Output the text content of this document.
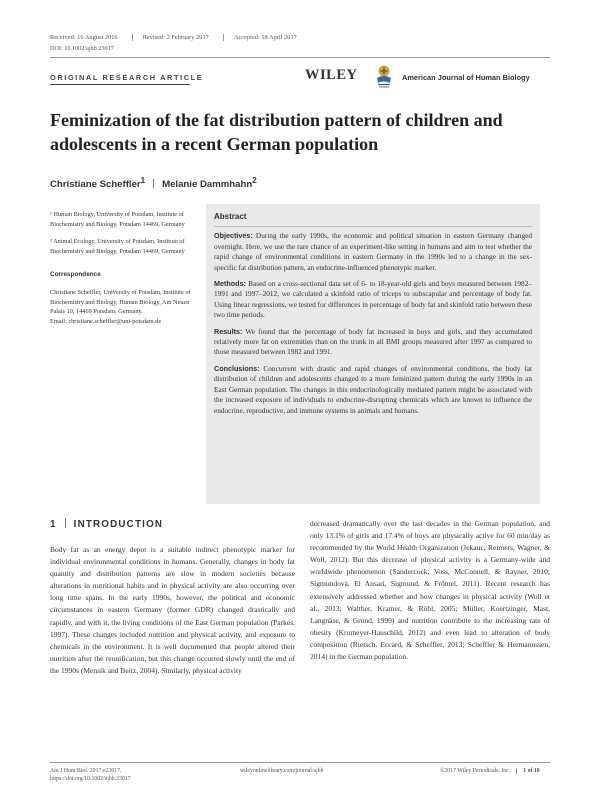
Received: 16 August 2016	Revised: 2 February 2017	Accepted: 18 April 2017
DOI: 10.1002/ajhb.23017
ORIGINAL RESEARCH ARTICLE	WILEY	American Journal of Human Biology
Feminization of the fat distribution pattern of children and adolescents in a recent German population
Christiane Scheffler$^1$ Melanie Dammhahn$^2$

¹ Human Biology, University of Potsdam, Institute of Biochemistry and Biology, Potsdam 14469, Germany

² Animal Ecology, University of Potsdam, Institute of Biochemistry and Biology, Potsdam 14469, Germany

Correspondence

Christiane Scheffler, University of Potsdam, Institute of Biochemistry and Biology, Human Biology, Am Neuen Palais 10, 14469 Potsdam, Germany.

Email: christiane.scheffler@uni-potsdam.de

Abstract

Objectives: During the early 1990s, the economic and political situation in eastern Germany changed overnight. Here, we use the rare chance of an experiment-like setting in humans and aim to test whether the rapid change of environmental conditions in eastern Germany in the 1990s led to a change in the sex-specific fat distribution pattern, an endocrine-influenced phenotypic marker.

Methods: Based on a cross-sectional data set of 6- to 18-year-old girls and boys measured between 1982–1991 and 1997–2012, we calculated a skinfold ratio of triceps to subscapular and percentage of body fat. Using linear regressions, we tested for differences in percentage of body fat and skinfold ratio between these two time periods.

Results: We found that the percentage of body fat increased in boys and girls, and they accumulated relatively more fat on extremities than on the trunk in all BMI groups measured after 1997 as compared to those measured between 1982 and 1991.

Conclusions: Concurrent with drastic and rapid changes of environmental conditions, the body fat distribution of children and adolescents changed to a more feminized pattern during the early 1990s in an East German population. The changes in this endocrinologically mediated pattern might be associated with the increased exposure of individuals to endocrine-disrupting chemicals which are known to influence the endocrine, reproductive, and immune systems in animals and humans.

1 INTRODUCTION

Body fat as an energy depot is a suitable indirect phenotypic marker for individual environmental conditions in humans. Generally, changes in body fat quantity and distribution patterns are slow in modern societies because alterations in nutritional habits and in physical activity are also occurring over long time spans. In the early 1990s, however, the political and economic circumstances in eastern Germany (former GDR) changed drastically and rapidly, and with it, the living conditions of the East German population (Parkes, 1997). These changes included nutrition and physical activity, and exposure to chemicals in the environment. It is well documented that people altered their nutrition after the reunification, but this change occurred slowly until the end of the 1990s (Mensik and Beitz, 2004). Similarly, physical activity

decreased dramatically over the last decades in the German population, and only 13.1% of girls and 17.4% of boys are physically active for 60 min/day as recommended by the World Health Organization (Jekauc, Reimers, Wagner, & Woll, 2012). But this decrease of physical activity is a Germany-wide and worldwide phenomenon (Sandercock, Voss, McConnell, & Rayner, 2010; Sigmundová, El Ansari, Sigmund, & Frömel, 2011). Recent research has extensively addressed whether and how changes in physical activity (Woll et al., 2013; Walther, Kramer, & Röbl, 2005; Müller, Koertzinger, Mast, Langnäse, & Grund, 1999) and nutrition contribute to the increasing rate of obesity (Kromeyer-Hauschild, 2012) and even lead to alteration of body composition (Rietsch, Eccard, & Scheffler, 2013; Scheffler & Hermanussen, 2014) in the German population.

Am J Hum Biol. 2017;e23017.
https://doi.org/10.1002/ajhb.23017
wileyonlinelibrary.com/journal/ajhb	©2017 Wiley Periodicals, Inc. 1 of 10
